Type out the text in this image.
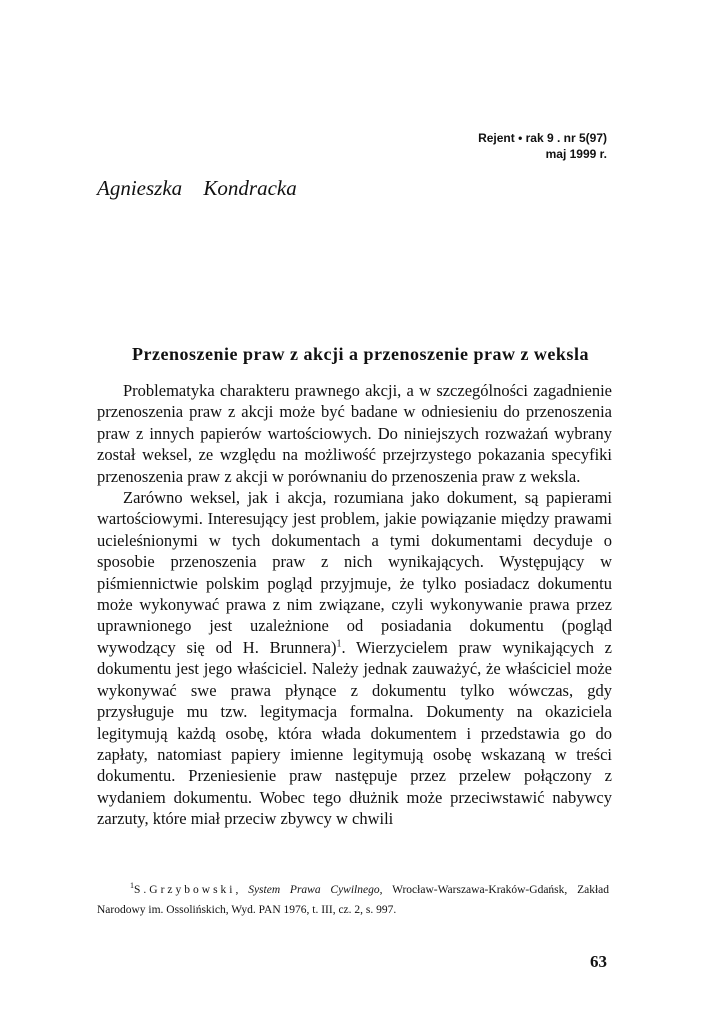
Rejent • rak 9 . nr 5(97)
maj 1999 r.
Agnieszka Kondracka
Przenoszenie praw z akcji a przenoszenie praw z weksla

Problematyka charakteru prawnego akcji, a w szczególności zagadnienie przenoszenia praw z akcji może być badane w odniesieniu do przenoszenia praw z innych papierów wartościowych. Do niniejszych rozważań wybrany został weksel, ze względu na możliwość przejrzystego pokazania specyfiki przenoszenia praw z akcji w porównaniu do przenoszenia praw z weksla.

Zarówno weksel, jak i akcja, rozumiana jako dokument, są papierami wartościowymi. Interesujący jest problem, jakie powiązanie między prawami ucieleśnionymi w tych dokumentach a tymi dokumentami decyduje o sposobie przenoszenia praw z nich wynikających. Występujący w piśmiennictwie polskim pogląd przyjmuje, że tylko posiadacz dokumentu może wykonywać prawa z nim związane, czyli wykonywanie prawa przez uprawnionego jest uzależnione od posiadania dokumentu (pogląd wywodzący się od H. Brunnera)$^1$. Wierzycielem praw wynikających z dokumentu jest jego właściciel. Należy jednak zauważyć, że właściciel może wykonywać swe prawa płynące z dokumentu tylko wówczas, gdy przysługuje mu tzw. legitymacja formalna. Dokumenty na okaziciela legitymują każdą osobę, która włada dokumentem i przedstawia go do zapłaty, natomiast papiery imienne legitymują osobę wskazaną w treści dokumentu. Przeniesienie praw następuje przez przelew połączony z wydaniem dokumentu. Wobec tego dłużnik może przeciwstawić nabywcy zarzuty, które miał przeciw zbywcy w chwili

$^1$S.Grzybowski, System Prawa Cywilnego, Wrocław-Warszawa-Kraków-Gdańsk, Zakład Narodowy im. Ossolińskich, Wyd. PAN 1976, t. III, cz. 2, s. 997.
63
